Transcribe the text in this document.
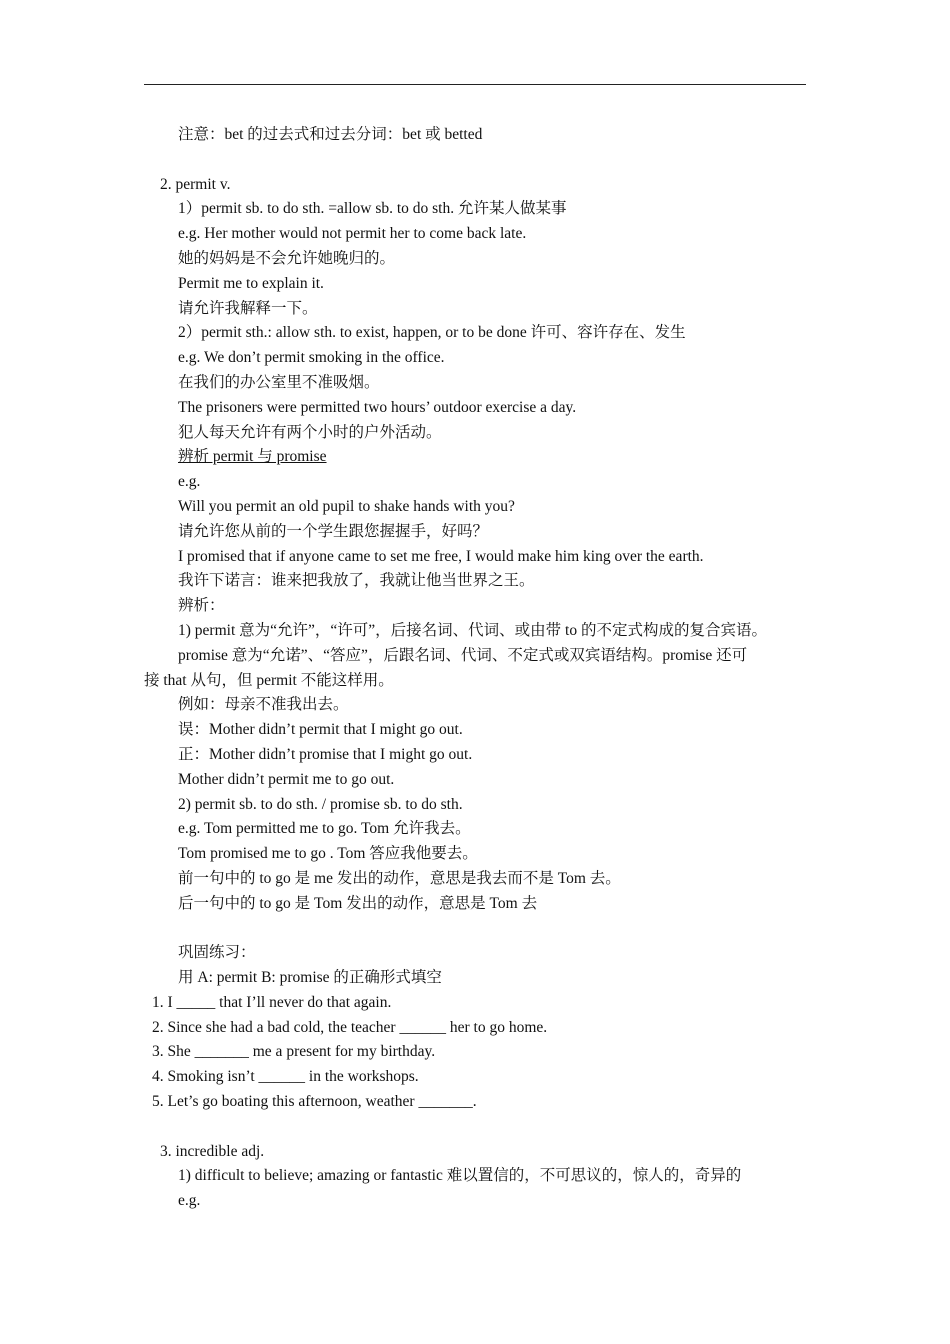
注意：bet 的过去式和过去分词：bet 或 betted
2. permit v.
1）permit sb. to do sth. =allow sb. to do sth. 允许某人做某事
e.g. Her mother would not permit her to come back late.
她的妈妈是不会允许她晚归的。
Permit me to explain it.
请允许我解释一下。
2）permit sth.: allow sth. to exist, happen, or to be done 许可、容许存在、发生
e.g. We don’t permit smoking in the office.
在我们的办公室里不准吸烟。
The prisoners were permitted two hours’ outdoor exercise a day.
犯人每天允许有两个小时的户外活动。
辨析 permit 与 promise
e.g.
Will you permit an old pupil to shake hands with you?
请允许您从前的一个学生跟您握握手，好吗？
I promised that if anyone came to set me free, I would make him king over the earth.
我许下诺言：谁来把我放了，我就让他当世界之王。
辨析：
1) permit 意为“允许”，“许可”，后接名词、代词、或由带 to 的不定式构成的复合宾语。
promise 意为“允诺”、“答应”，后跟名词、代词、不定式或双宾语结构。promise 还可
接 that 从句，但 permit 不能这样用。
例如：母亲不准我出去。
误：Mother didn’t permit that I might go out.
正：Mother didn’t promise that I might go out.
Mother didn’t permit me to go out.
2) permit sb. to do sth. / promise sb. to do sth.
e.g. Tom permitted me to go. Tom 允许我去。
Tom promised me to go . Tom 答应我他要去。
前一句中的 to go 是 me 发出的动作，意思是我去而不是 Tom 去。
后一句中的 to go 是 Tom 发出的动作，意思是 Tom 去
巩固练习：
用 A: permit B: promise 的正确形式填空
1. I _____ that I’ll never do that again.
2. Since she had a bad cold, the teacher ______ her to go home.
3. She _______ me a present for my birthday.
4. Smoking isn’t ______ in the workshops.
5. Let’s go boating this afternoon, weather _______.
3. incredible adj.
1) difficult to believe; amazing or fantastic 难以置信的，不可思议的，惊人的，奇异的
e.g.
